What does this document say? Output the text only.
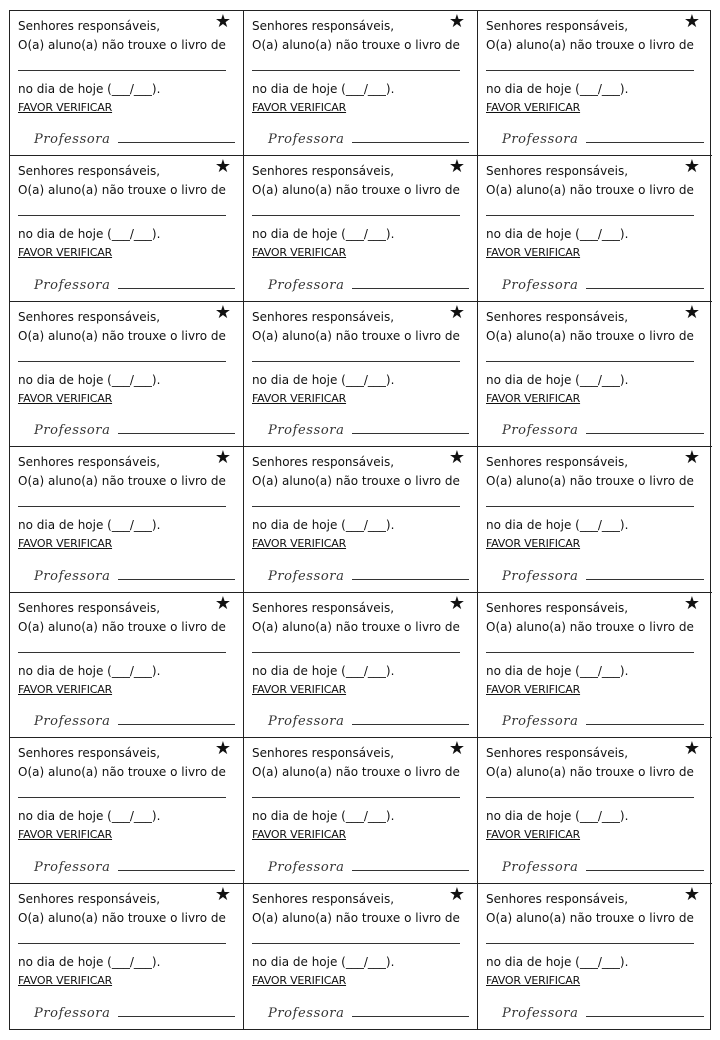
★
Senhores responsáveis,
O(a) aluno(a) não trouxe o livro de
no dia de hoje (___/___).
FAVOR VERIFICAR
Professora
★
Senhores responsáveis,
O(a) aluno(a) não trouxe o livro de
no dia de hoje (___/___).
FAVOR VERIFICAR
Professora
★
Senhores responsáveis,
O(a) aluno(a) não trouxe o livro de
no dia de hoje (___/___).
FAVOR VERIFICAR
Professora
★
Senhores responsáveis,
O(a) aluno(a) não trouxe o livro de
no dia de hoje (___/___).
FAVOR VERIFICAR
Professora
★
Senhores responsáveis,
O(a) aluno(a) não trouxe o livro de
no dia de hoje (___/___).
FAVOR VERIFICAR
Professora
★
Senhores responsáveis,
O(a) aluno(a) não trouxe o livro de
no dia de hoje (___/___).
FAVOR VERIFICAR
Professora
★
Senhores responsáveis,
O(a) aluno(a) não trouxe o livro de
no dia de hoje (___/___).
FAVOR VERIFICAR
Professora
★
Senhores responsáveis,
O(a) aluno(a) não trouxe o livro de
no dia de hoje (___/___).
FAVOR VERIFICAR
Professora
★
Senhores responsáveis,
O(a) aluno(a) não trouxe o livro de
no dia de hoje (___/___).
FAVOR VERIFICAR
Professora
★
Senhores responsáveis,
O(a) aluno(a) não trouxe o livro de
no dia de hoje (___/___).
FAVOR VERIFICAR
Professora
★
Senhores responsáveis,
O(a) aluno(a) não trouxe o livro de
no dia de hoje (___/___).
FAVOR VERIFICAR
Professora
★
Senhores responsáveis,
O(a) aluno(a) não trouxe o livro de
no dia de hoje (___/___).
FAVOR VERIFICAR
Professora
★
Senhores responsáveis,
O(a) aluno(a) não trouxe o livro de
no dia de hoje (___/___).
FAVOR VERIFICAR
Professora
★
Senhores responsáveis,
O(a) aluno(a) não trouxe o livro de
no dia de hoje (___/___).
FAVOR VERIFICAR
Professora
★
Senhores responsáveis,
O(a) aluno(a) não trouxe o livro de
no dia de hoje (___/___).
FAVOR VERIFICAR
Professora
★
Senhores responsáveis,
O(a) aluno(a) não trouxe o livro de
no dia de hoje (___/___).
FAVOR VERIFICAR
Professora
★
Senhores responsáveis,
O(a) aluno(a) não trouxe o livro de
no dia de hoje (___/___).
FAVOR VERIFICAR
Professora
★
Senhores responsáveis,
O(a) aluno(a) não trouxe o livro de
no dia de hoje (___/___).
FAVOR VERIFICAR
Professora
★
Senhores responsáveis,
O(a) aluno(a) não trouxe o livro de
no dia de hoje (___/___).
FAVOR VERIFICAR
Professora
★
Senhores responsáveis,
O(a) aluno(a) não trouxe o livro de
no dia de hoje (___/___).
FAVOR VERIFICAR
Professora
★
Senhores responsáveis,
O(a) aluno(a) não trouxe o livro de
no dia de hoje (___/___).
FAVOR VERIFICAR
Professora
